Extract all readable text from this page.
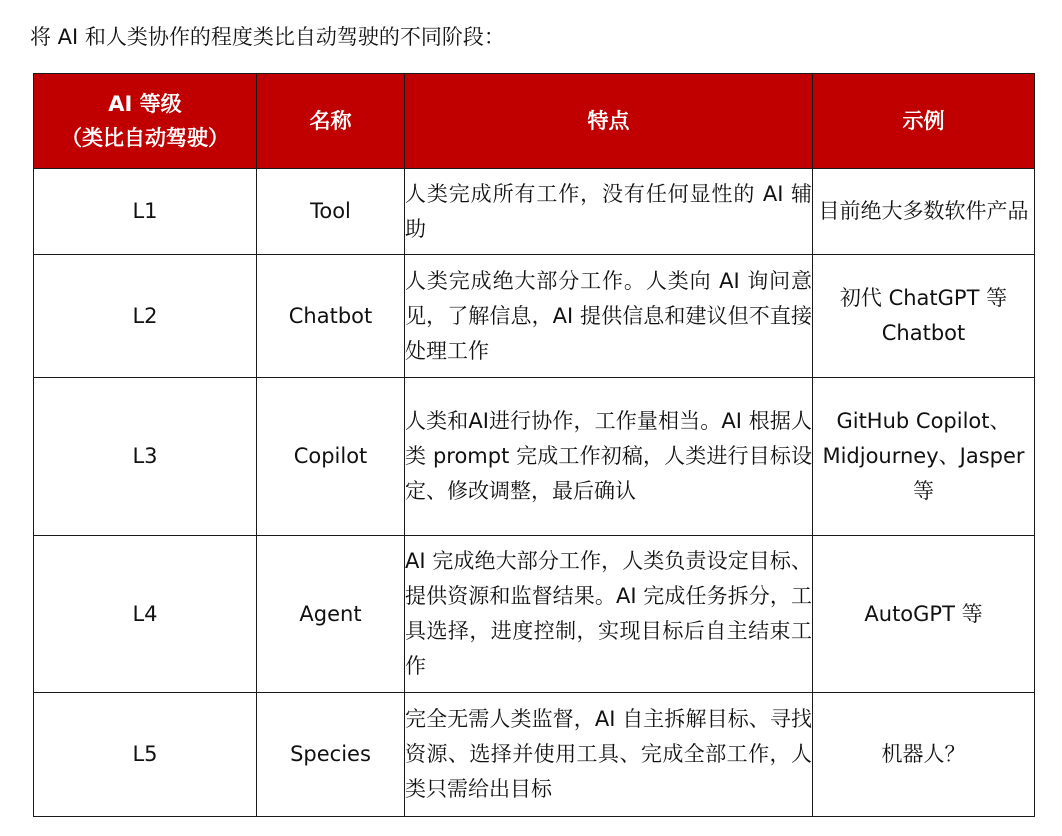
将 AI 和人类协作的程度类比自动驾驶的不同阶段：
AI 等级
（类比自动驾驶）	名称	特点	示例
L1	Tool	人类完成所有工作，没有任何显性的 AI 辅助	目前绝大多数软件产品
L2	Chatbot	人类完成绝大部分工作。人类向 AI 询问意见，了解信息，AI 提供信息和建议但不直接处理工作	初代 ChatGPT 等 Chatbot
L3	Copilot	人类和AI进行协作，工作量相当。AI 根据人类 prompt 完成工作初稿，人类进行目标设定、修改调整，最后确认	GitHub Copilot、Midjourney、Jasper 等
L4	Agent	AI 完成绝大部分工作，人类负责设定目标、提供资源和监督结果。AI 完成任务拆分，工具选择，进度控制，实现目标后自主结束工作	AutoGPT 等
L5	Species	完全无需人类监督，AI 自主拆解目标、寻找资源、选择并使用工具、完成全部工作，人类只需给出目标	机器人？
